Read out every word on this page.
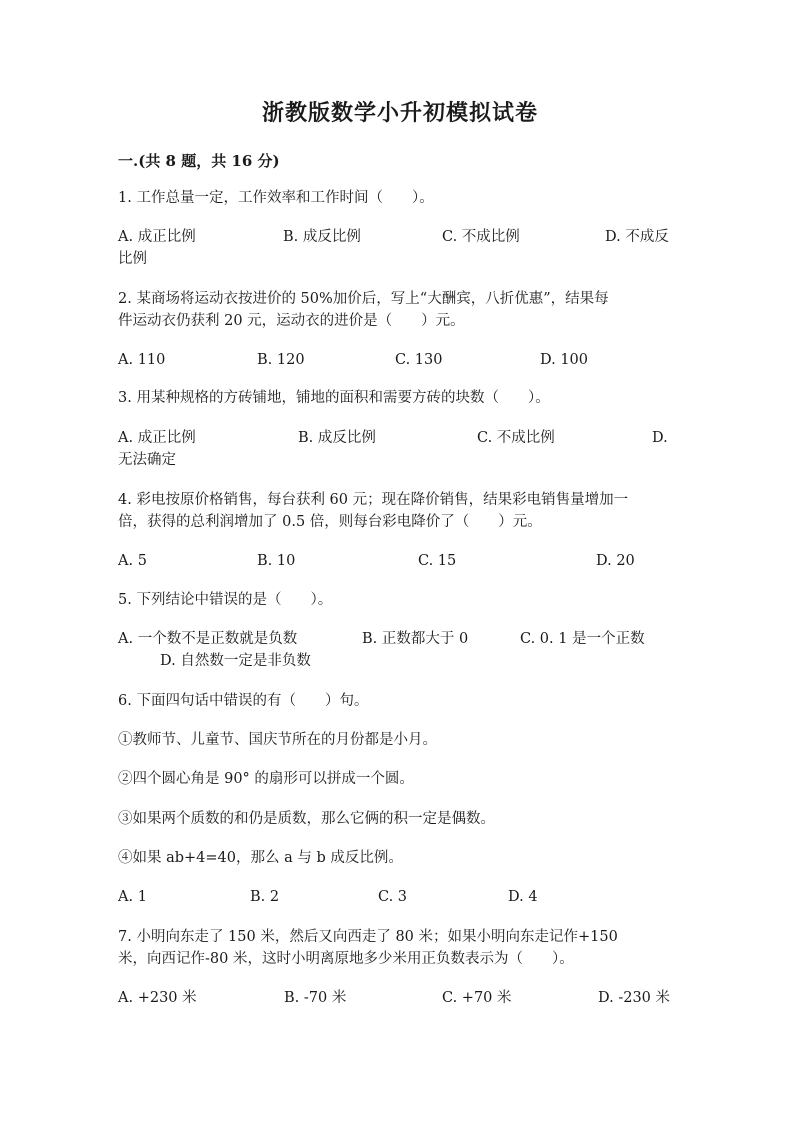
浙教版数学小升初模拟试卷
一.(共 8 题，共 16 分)
1. 工作总量一定，工作效率和工作时间（　　）。
A. 成正比例	B. 成反比例	C. 不成比例	D. 不成反
比例
2. 某商场将运动衣按进价的 50%加价后，写上“大酬宾，八折优惠”，结果每
件运动衣仍获利 20 元，运动衣的进价是（　　）元。
A. 110	B. 120	C. 130	D. 100
3. 用某种规格的方砖铺地，铺地的面积和需要方砖的块数（　　）。
A. 成正比例	B. 成反比例	C. 不成比例	D.
无法确定
4. 彩电按原价格销售，每台获利 60 元；现在降价销售，结果彩电销售量增加一
倍，获得的总利润增加了 0.5 倍，则每台彩电降价了（　　）元。
A. 5	B. 10	C. 15	D. 20
5. 下列结论中错误的是（　　）。
A. 一个数不是正数就是负数	B. 正数都大于 0	C. 0. 1 是一个正数
D. 自然数一定是非负数
6. 下面四句话中错误的有（　　）句。
①教师节、儿童节、国庆节所在的月份都是小月。
②四个圆心角是 90° 的扇形可以拼成一个圆。
③如果两个质数的和仍是质数，那么它俩的积一定是偶数。
④如果 ab+4=40，那么 a 与 b 成反比例。
A. 1	B. 2	C. 3	D. 4
7. 小明向东走了 150 米，然后又向西走了 80 米；如果小明向东走记作+150
米，向西记作-80 米，这时小明离原地多少米用正负数表示为（　　）。
A. +230 米	B. -70 米	C. +70 米	D. -230 米
